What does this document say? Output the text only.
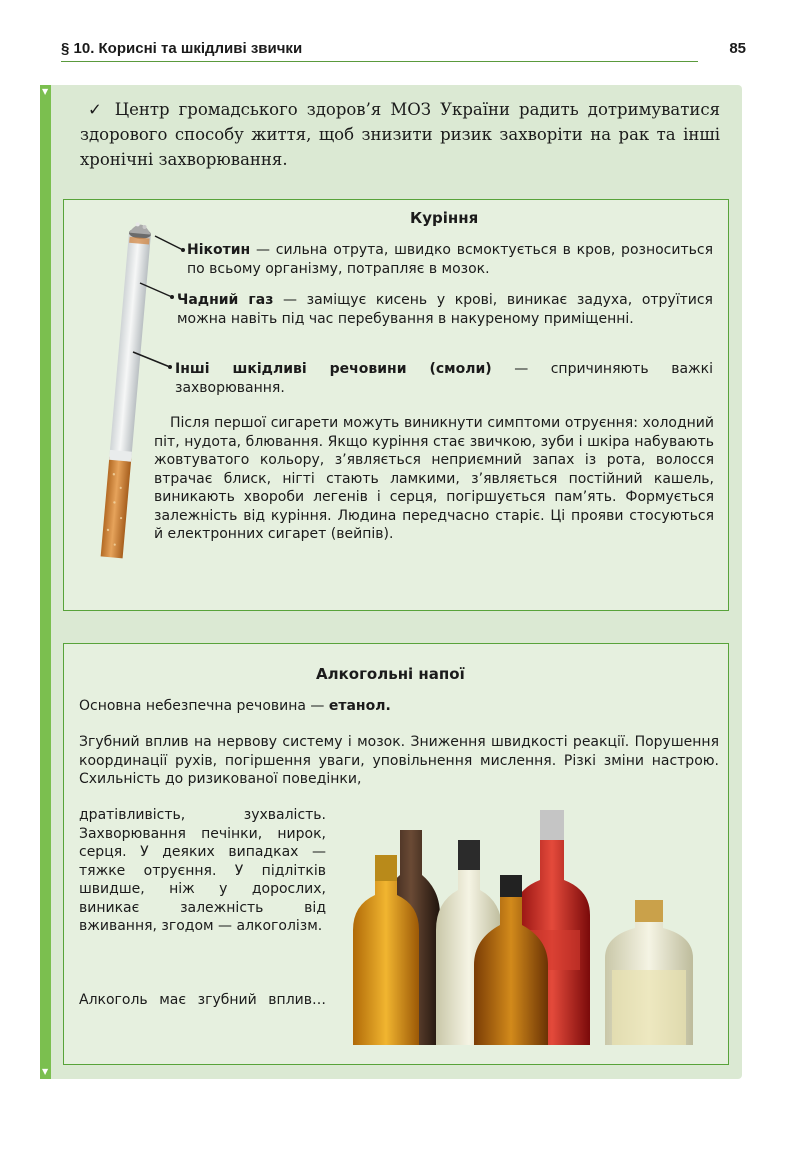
§ 10. Корисні та шкідливі звички	85
▼
▼
✓ Центр громадського здоров’я МОЗ України радить дотримуватися здорового способу життя, щоб знизити ризик захворіти на рак та інші хронічні захворювання.
Куріння
Нікотин — сильна отрута, швидко всмоктується в кров, розноситься по всьому організму, потрапляє в мозок.
Чадний газ — заміщує кисень у крові, виникає задуха, отруїтися можна навіть під час перебування в накуреному приміщенні.
Інші шкідливі речовини (смоли) — спричиняють важкі захворювання.
Після першої сигарети можуть виникнути симптоми отруєння: холодний піт, нудота, блювання. Якщо куріння стає звичкою, зуби і шкіра набувають жовтуватого кольору, з’являється неприємний запах із рота, волосся втрачає блиск, нігті стають ламкими, з’являється постійний кашель, виникають хвороби легенів і серця, погіршується пам’ять. Формується залежність від куріння. Людина передчасно старіє. Ці прояви стосуються й електронних сигарет (вейпів).
Алкогольні напої
Основна небезпечна речовина — етанол.
Згубний вплив на нервову систему і мозок. Зниження швидкості реакції. Порушення координації рухів, погіршення уваги, уповільнення мислення. Різкі зміни настрою. Схильність до ризикованої поведінки,
дратівливість, зухвалість. Захворювання печінки, нирок, серця. У деяких випадках — тяжке отруєння. У підлітків швидше, ніж у дорослих, виникає залежність від вживання, згодом — алкоголізм.
Алкоголь має згубний вплив…
